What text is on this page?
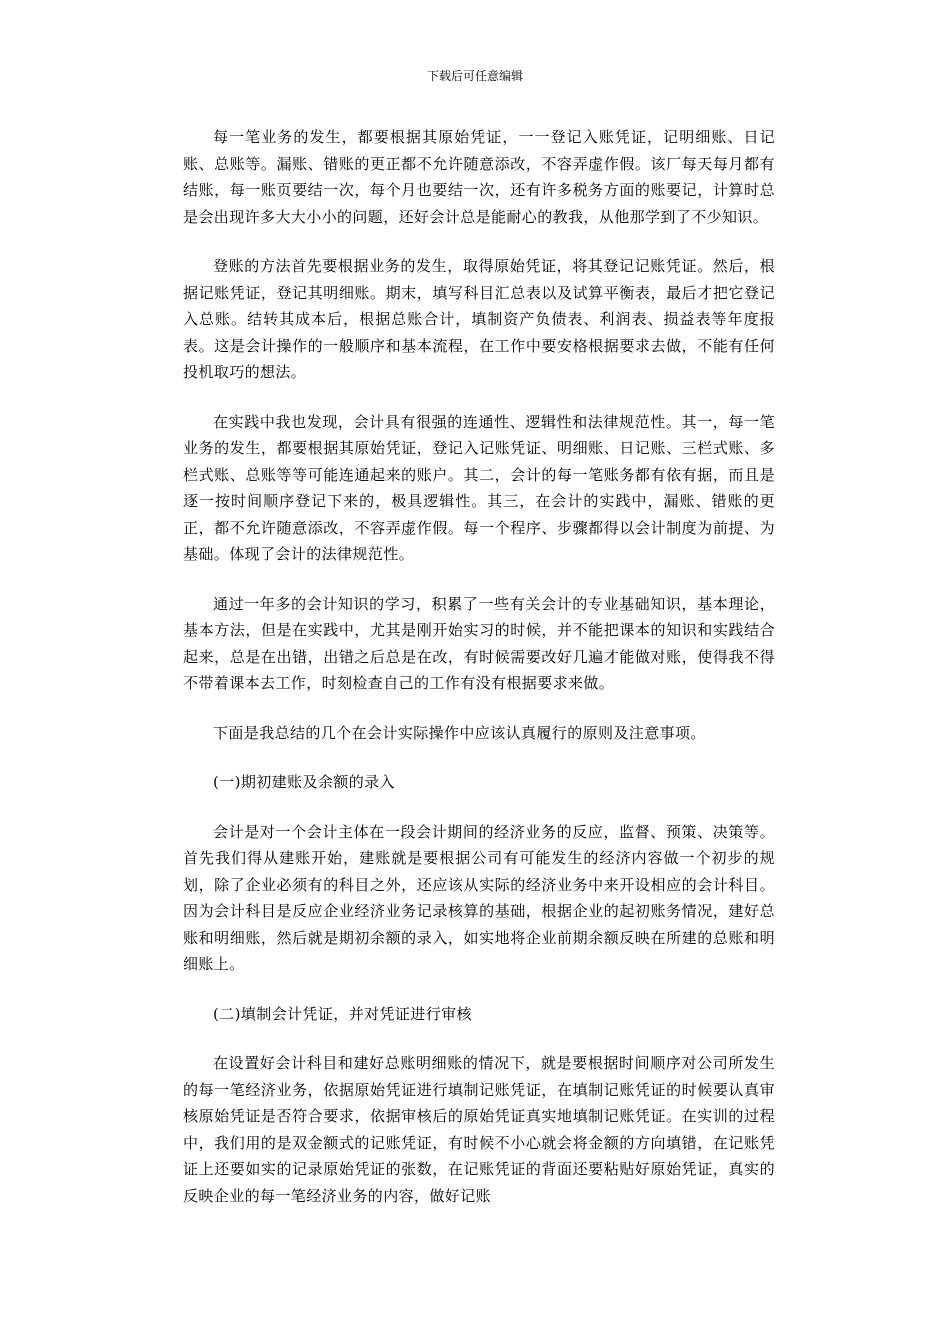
下载后可任意编辑

每一笔业务的发生，都要根据其原始凭证，一一登记入账凭证，记明细账、日记账、总账等。漏账、错账的更正都不允许随意添改，不容弄虚作假。该厂每天每月都有结账，每一账页要结一次，每个月也要结一次，还有许多税务方面的账要记，计算时总是会出现许多大大小小的问题，还好会计总是能耐心的教我，从他那学到了不少知识。

登账的方法首先要根据业务的发生，取得原始凭证，将其登记记账凭证。然后，根据记账凭证，登记其明细账。期末，填写科目汇总表以及试算平衡表，最后才把它登记入总账。结转其成本后，根据总账合计，填制资产负债表、利润表、损益表等年度报表。这是会计操作的一般顺序和基本流程，在工作中要安格根据要求去做，不能有任何投机取巧的想法。

在实践中我也发现，会计具有很强的连通性、逻辑性和法律规范性。其一，每一笔业务的发生，都要根据其原始凭证，登记入记账凭证、明细账、日记账、三栏式账、多栏式账、总账等等可能连通起来的账户。其二，会计的每一笔账务都有依有据，而且是逐一按时间顺序登记下来的，极具逻辑性。其三，在会计的实践中，漏账、错账的更正，都不允许随意添改，不容弄虚作假。每一个程序、步骤都得以会计制度为前提、为基础。体现了会计的法律规范性。

通过一年多的会计知识的学习，积累了一些有关会计的专业基础知识，基本理论，基本方法，但是在实践中，尤其是刚开始实习的时候，并不能把课本的知识和实践结合起来，总是在出错，出错之后总是在改，有时候需要改好几遍才能做对账，使得我不得不带着课本去工作，时刻检查自己的工作有没有根据要求来做。

下面是我总结的几个在会计实际操作中应该认真履行的原则及注意事项。

(一)期初建账及余额的录入

会计是对一个会计主体在一段会计期间的经济业务的反应，监督、预策、决策等。首先我们得从建账开始，建账就是要根据公司有可能发生的经济内容做一个初步的规划，除了企业必须有的科目之外，还应该从实际的经济业务中来开设相应的会计科目。因为会计科目是反应企业经济业务记录核算的基础，根据企业的起初账务情况，建好总账和明细账，然后就是期初余额的录入，如实地将企业前期余额反映在所建的总账和明细账上。

(二)填制会计凭证，并对凭证进行审核

在设置好会计科目和建好总账明细账的情况下，就是要根据时间顺序对公司所发生的每一笔经济业务，依据原始凭证进行填制记账凭证，在填制记账凭证的时候要认真审核原始凭证是否符合要求，依据审核后的原始凭证真实地填制记账凭证。在实训的过程中，我们用的是双金额式的记账凭证，有时候不小心就会将金额的方向填错，在记账凭证上还要如实的记录原始凭证的张数，在记账凭证的背面还要粘贴好原始凭证，真实的反映企业的每一笔经济业务的内容，做好记账
